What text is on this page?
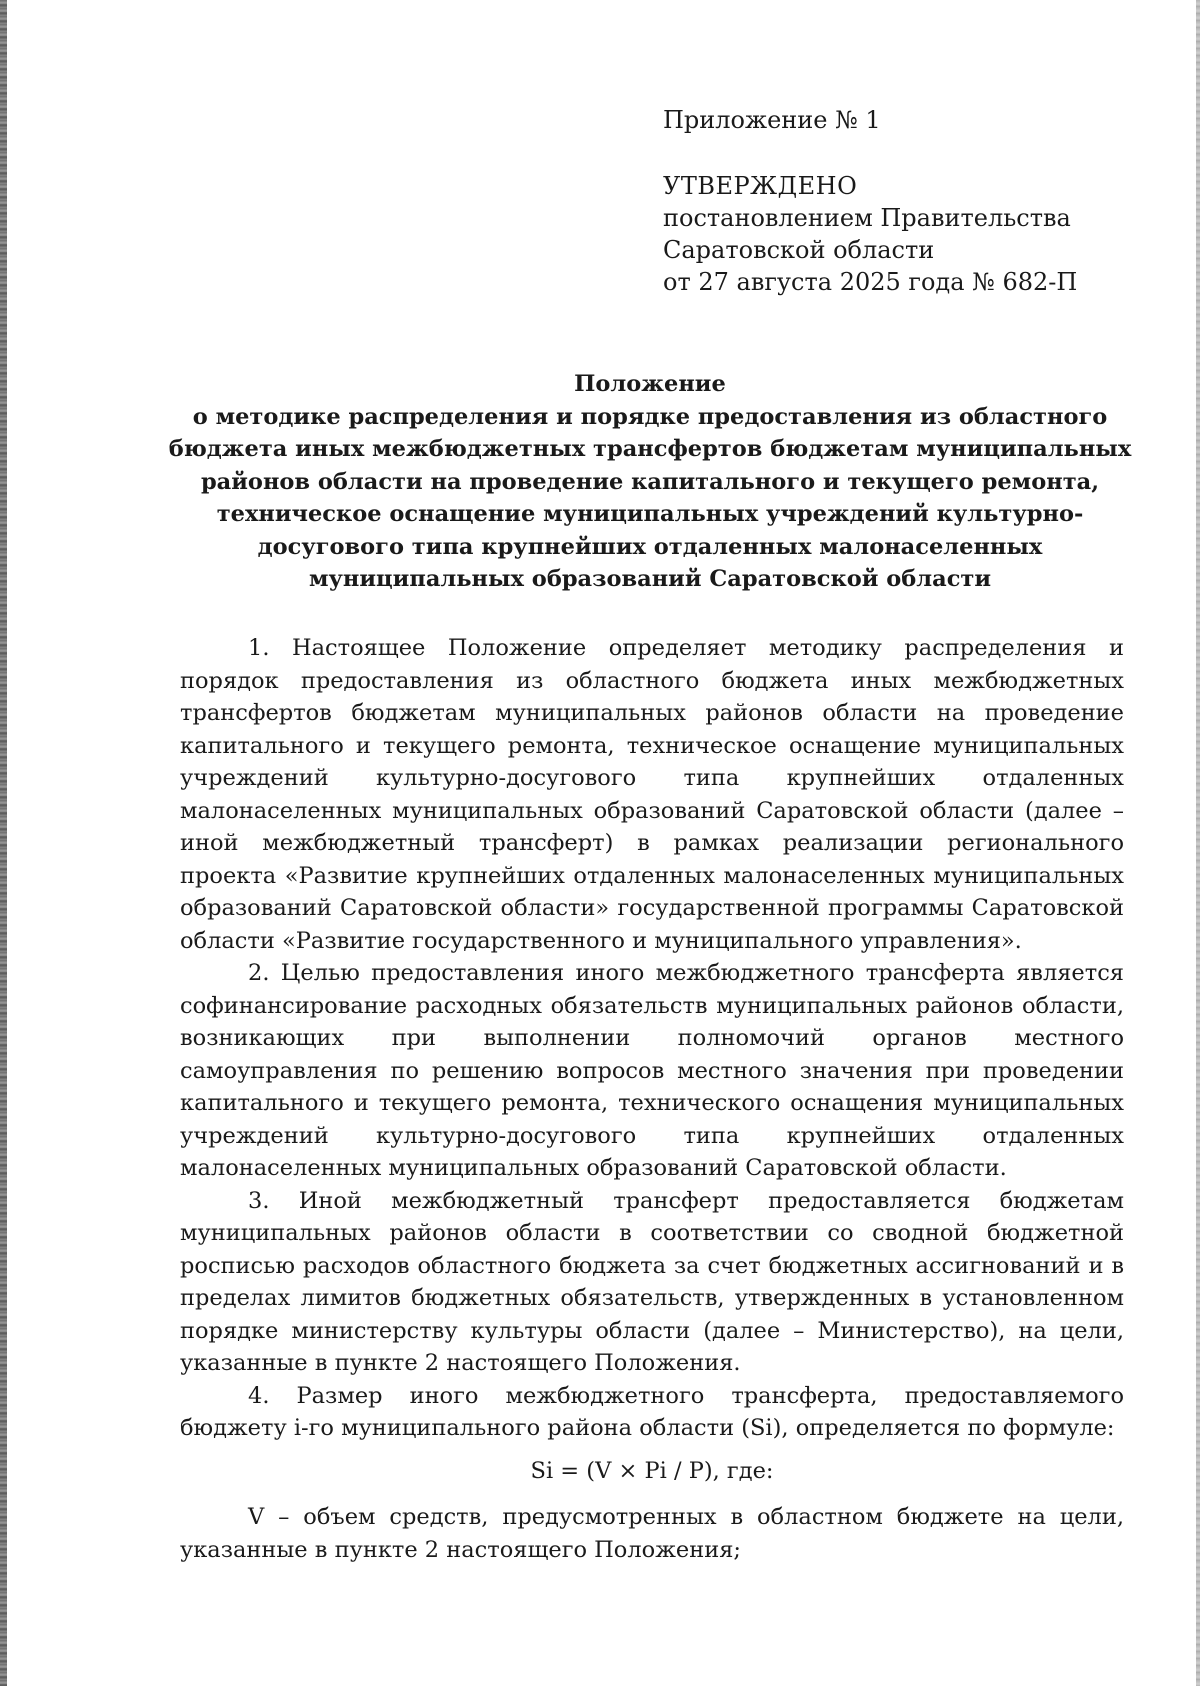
Приложение № 1

УТВЕРЖДЕНО

постановлением Правительства

Саратовской области

от 27 августа 2025 года № 682-П

Положение
о методике распределения и порядке предоставления из областного
бюджета иных межбюджетных трансфертов бюджетам муниципальных
районов области на проведение капитального и текущего ремонта,
техническое оснащение муниципальных учреждений культурно-
досугового типа крупнейших отдаленных малонаселенных
муниципальных образований Саратовской области

1. Настоящее Положение определяет методику распределения и порядок предоставления из областного бюджета иных межбюджетных трансфертов бюджетам муниципальных районов области на проведение капитального и текущего ремонта, техническое оснащение муниципальных учреждений культурно-досугового типа крупнейших отдаленных малонаселенных муниципальных образований Саратовской области (далее – иной межбюджетный трансферт) в рамках реализации регионального проекта «Развитие крупнейших отдаленных малонаселенных муниципальных образований Саратовской области» государственной программы Саратовской области «Развитие государственного и муниципального управления».

2. Целью предоставления иного межбюджетного трансферта является софинансирование расходных обязательств муниципальных районов области, возникающих при выполнении полномочий органов местного самоуправления по решению вопросов местного значения при проведении капитального и текущего ремонта, технического оснащения муниципальных учреждений культурно-досугового типа крупнейших отдаленных малонаселенных муниципальных образований Саратовской области.

3. Иной межбюджетный трансферт предоставляется бюджетам муниципальных районов области в соответствии со сводной бюджетной росписью расходов областного бюджета за счет бюджетных ассигнований и в пределах лимитов бюджетных обязательств, утвержденных в установленном порядке министерству культуры области (далее – Министерство), на цели, указанные в пункте 2 настоящего Положения.

4. Размер иного межбюджетного трансферта, предоставляемого бюджету i-го муниципального района области (Si), определяется по формуле:

Si = (V × Pi / P), где:

V – объем средств, предусмотренных в областном бюджете на цели, указанные в пункте 2 настоящего Положения;
